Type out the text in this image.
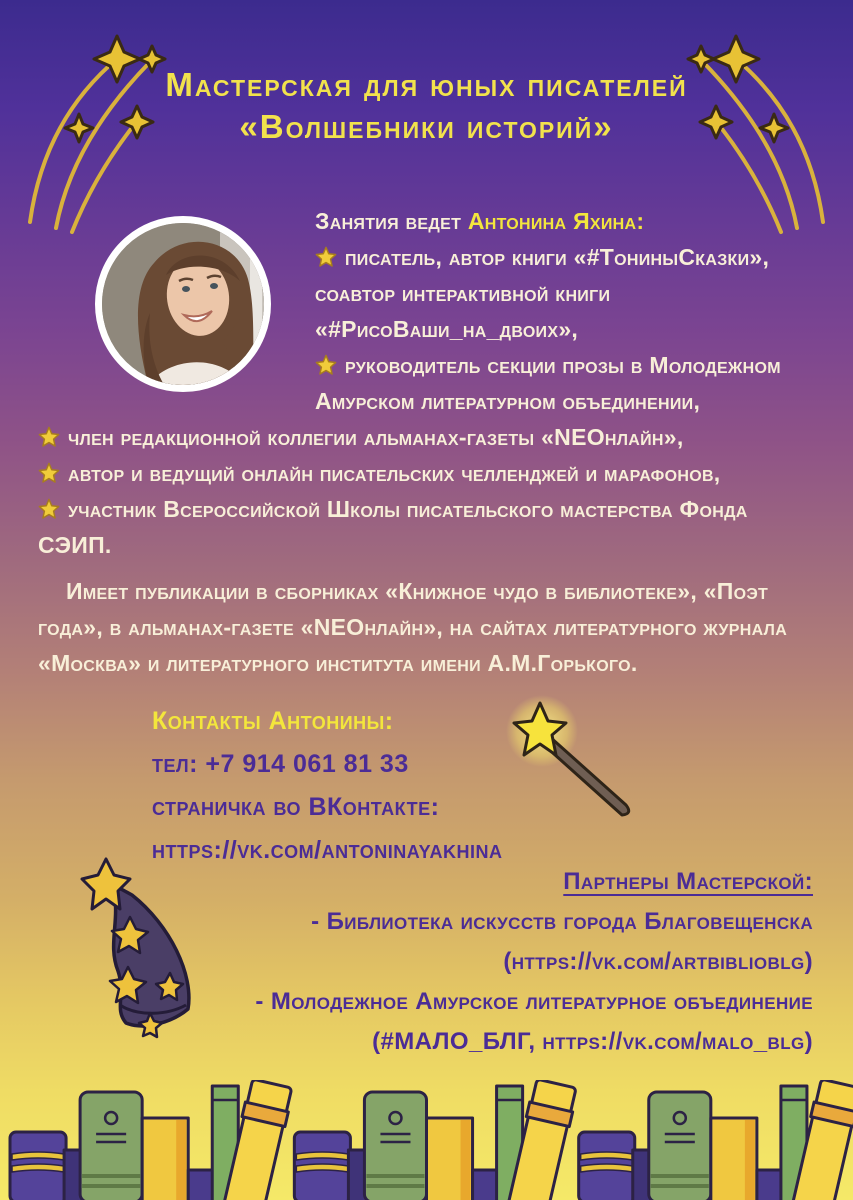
Мастерская для юных писателей
«Волшебники историй»
Занятия ведет Антонина Яхина:
писатель, автор книги «#ТониныСказки», соавтор интерактивной книги «#РисоВаши_на_двоих»,
руководитель секции прозы в Молодежном Амурском литературном объединении,
член редакционной коллегии альманах-газеты «NEОнлайн»,
автор и ведущий онлайн писательских челленджей и марафонов,
участник Всероссийской Школы писательского мастерства Фонда СЭИП.
Имеет публикации в сборниках «Книжное чудо в библиотеке», «Поэт года», в альманах-газете «NEОнлайн», на сайтах литературного журнала «Москва» и литературного института имени А.М.Горького.
Контакты Антонины:
тел: +7 914 061 81 33
страничка во ВКонтакте:
https://vk.com/antoninayakhina
Партнеры Мастерской:
- Библиотека искусств города Благовещенска
(https://vk.com/artbiblioblg)
- Молодежное Амурское литературное объединение
(#МАЛО_БЛГ, https://vk.com/malo_blg)
